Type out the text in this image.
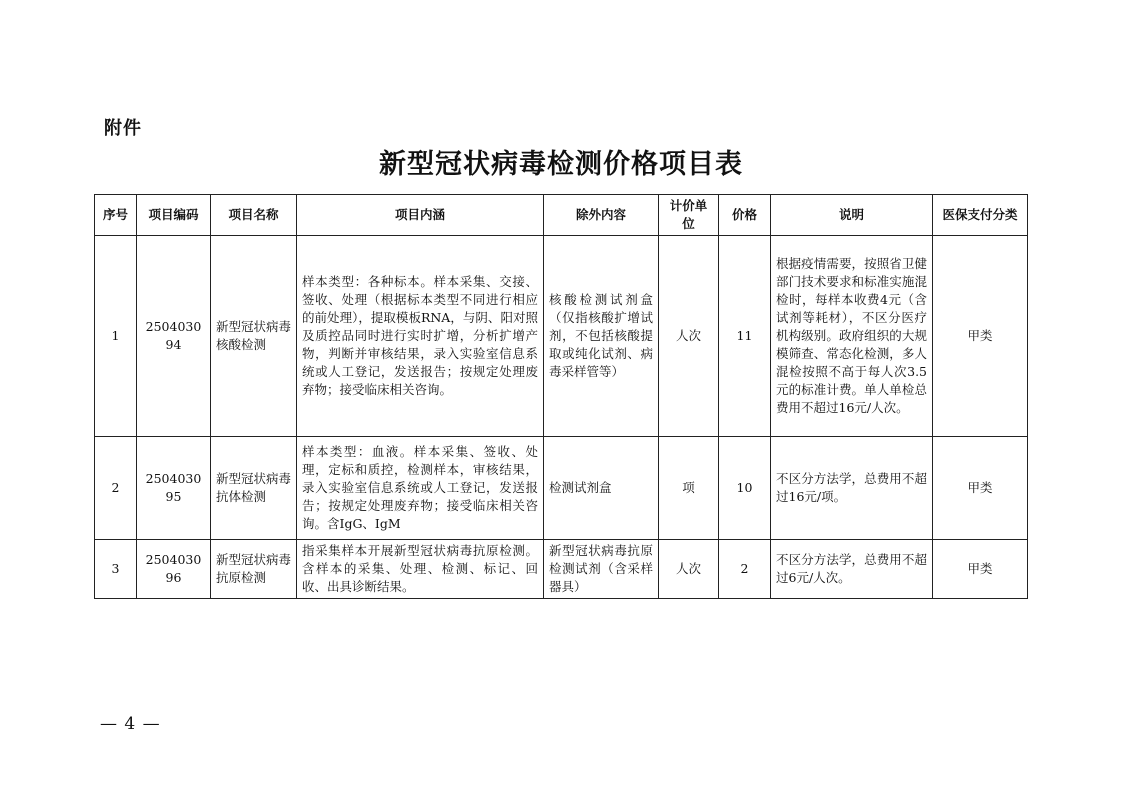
附件
新型冠状病毒检测价格项目表
序号	项目编码	项目名称	项目内涵	除外内容	计价单位	价格	说明	医保支付分类
1	250403094	新型冠状病毒核酸检测	样本类型：各种标本。样本采集、交接、签收、处理（根据标本类型不同进行相应的前处理），提取模板RNA，与阴、阳对照及质控品同时进行实时扩增，分析扩增产物，判断并审核结果，录入实验室信息系统或人工登记，发送报告；按规定处理废弃物；接受临床相关咨询。	核酸检测试剂盒（仅指核酸扩增试剂，不包括核酸提取或纯化试剂、病毒采样管等）	人次	11	根据疫情需要，按照省卫健部门技术要求和标准实施混检时，每样本收费4元（含试剂等耗材），不区分医疗机构级别。政府组织的大规模筛查、常态化检测，多人混检按照不高于每人次3.5元的标准计费。单人单检总费用不超过16元/人次。	甲类
2	250403095	新型冠状病毒抗体检测	样本类型：血液。样本采集、签收、处理，定标和质控，检测样本，审核结果，录入实验室信息系统或人工登记，发送报告；按规定处理废弃物；接受临床相关咨询。含IgG、IgM	检测试剂盒	项	10	不区分方法学，总费用不超过16元/项。	甲类
3	250403096	新型冠状病毒抗原检测	指采集样本开展新型冠状病毒抗原检测。含样本的采集、处理、检测、标记、回收、出具诊断结果。	新型冠状病毒抗原检测试剂（含采样器具）	人次	2	不区分方法学，总费用不超过6元/人次。	甲类
— 4 —
